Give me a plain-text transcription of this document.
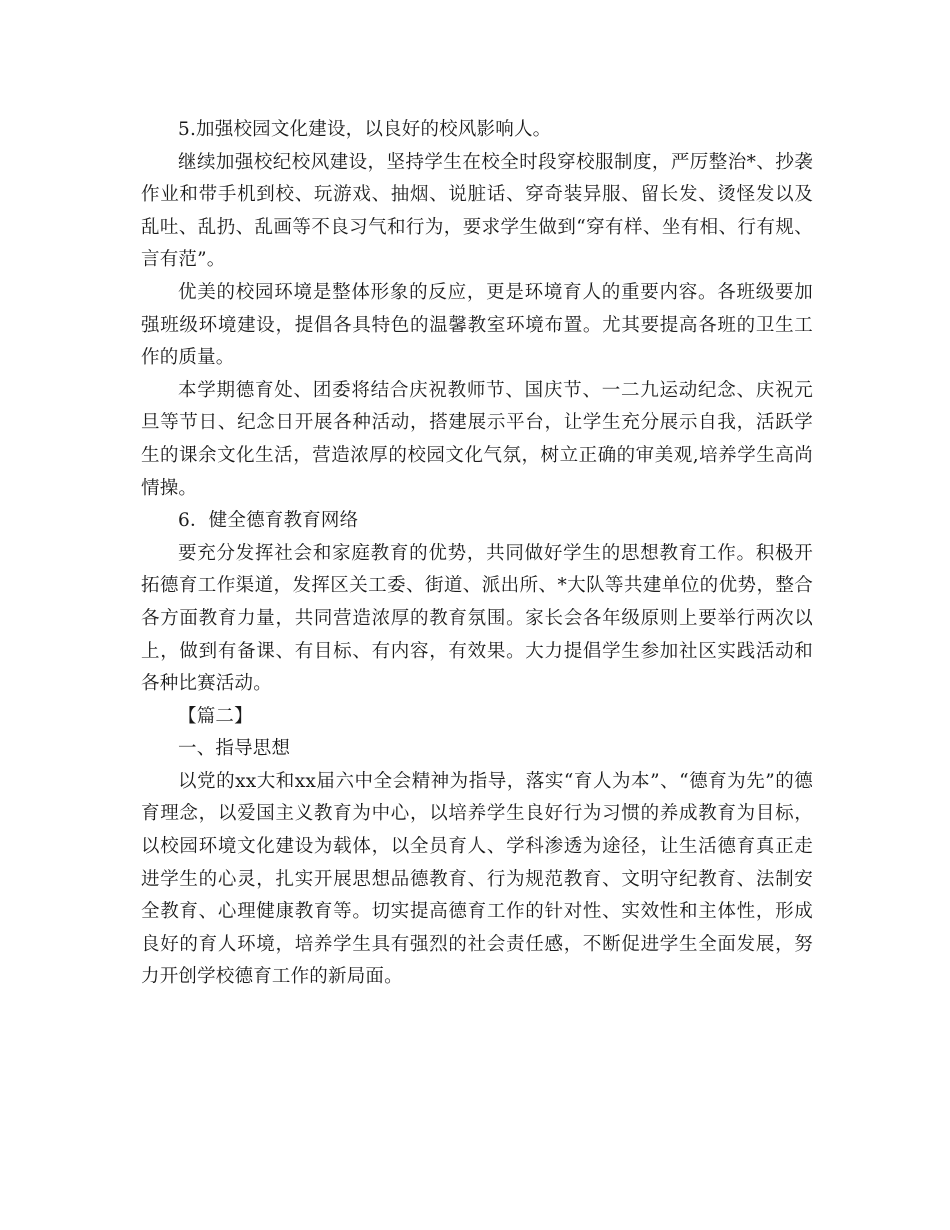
5.加强校园文化建设，以良好的校风影响人。

继续加强校纪校风建设，坚持学生在校全时段穿校服制度，严厉整治*、抄袭作业和带手机到校、玩游戏、抽烟、说脏话、穿奇装异服、留长发、烫怪发以及乱吐、乱扔、乱画等不良习气和行为，要求学生做到“穿有样、坐有相、行有规、言有范”。

优美的校园环境是整体形象的反应，更是环境育人的重要内容。各班级要加强班级环境建设，提倡各具特色的温馨教室环境布置。尤其要提高各班的卫生工作的质量。

本学期德育处、团委将结合庆祝教师节、国庆节、一二九运动纪念、庆祝元旦等节日、纪念日开展各种活动，搭建展示平台，让学生充分展示自我，活跃学生的课余文化生活，营造浓厚的校园文化气氛，树立正确的审美观,培养学生高尚情操。

6．健全德育教育网络

要充分发挥社会和家庭教育的优势，共同做好学生的思想教育工作。积极开拓德育工作渠道，发挥区关工委、街道、派出所、*大队等共建单位的优势，整合各方面教育力量，共同营造浓厚的教育氛围。家长会各年级原则上要举行两次以上，做到有备课、有目标、有内容，有效果。大力提倡学生参加社区实践活动和各种比赛活动。

【篇二】

一、指导思想

以党的xx大和xx届六中全会精神为指导，落实“育人为本”、“德育为先”的德育理念，以爱国主义教育为中心，以培养学生良好行为习惯的养成教育为目标，以校园环境文化建设为载体，以全员育人、学科渗透为途径，让生活德育真正走进学生的心灵，扎实开展思想品德教育、行为规范教育、文明守纪教育、法制安全教育、心理健康教育等。切实提高德育工作的针对性、实效性和主体性，形成良好的育人环境，培养学生具有强烈的社会责任感，不断促进学生全面发展，努力开创学校德育工作的新局面。
